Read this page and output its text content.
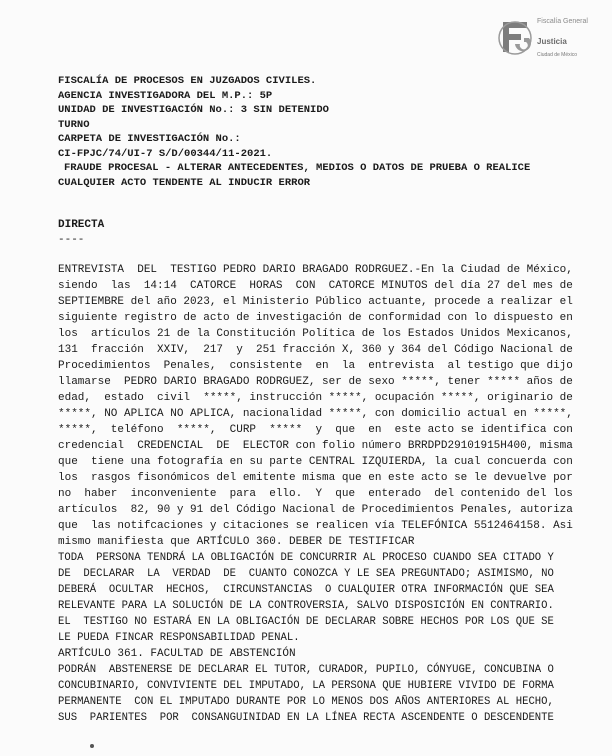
Fiscalía General
Justicia
Ciudad de México
FISCALÍA DE PROCESOS EN JUZGADOS CIVILES.
AGENCIA INVESTIGADORA DEL M.P.: 5P
UNIDAD DE INVESTIGACIÓN No.: 3 SIN DETENIDO
TURNO
CARPETA DE INVESTIGACIÓN No.:
CI-FPJC/74/UI-7 S/D/00344/11-2021.
FRAUDE PROCESAL - ALTERAR ANTECEDENTES, MEDIOS O DATOS DE PRUEBA O REALICE
CUALQUIER ACTO TENDENTE AL INDUCIR ERROR
DIRECTA
----
ENTREVISTA  DEL  TESTIGO PEDRO DARIO BRAGADO RODRGUEZ.-En la Ciudad de México,
siendo  las  14:14  CATORCE  HORAS  CON  CATORCE MINUTOS del día 27 del mes de
SEPTIEMBRE del año 2023, el Ministerio Público actuante, procede a realizar el
siguiente registro de acto de investigación de conformidad con lo dispuesto en
los  artículos 21 de la Constitución Política de los Estados Unidos Mexicanos,
131  fracción  XXIV,  217  y  251 fracción X, 360 y 364 del Código Nacional de
Procedimientos  Penales,  consistente  en  la  entrevista  al testigo que dijo
llamarse  PEDRO DARIO BRAGADO RODRGUEZ, ser de sexo *****, tener ***** años de
edad,  estado  civil  *****, instrucción *****, ocupación *****, originario de
*****, NO APLICA NO APLICA, nacionalidad *****, con domicilio actual en *****,
*****,  teléfono  *****,  CURP  *****  y  que  en  este acto se identifica con
credencial  CREDENCIAL  DE  ELECTOR con folio número BRRDPD29101915H400, misma
que  tiene una fotografía en su parte CENTRAL IZQUIERDA, la cual concuerda con
los  rasgos fisonómicos del emitente misma que en este acto se le devuelve por
no  haber  inconveniente  para  ello.  Y  que  enterado  del contenido del los
artículos  82, 90 y 91 del Código Nacional de Procedimientos Penales, autoriza
que  las notifcaciones y citaciones se realicen vía TELEFÓNICA 5512464158. Asi
mismo manifiesta que ARTÍCULO 360. DEBER DE TESTIFICAR
TODA  PERSONA TENDRÁ LA OBLIGACIÓN DE CONCURRIR AL PROCESO CUANDO SEA CITADO Y
DE  DECLARAR  LA  VERDAD  DE  CUANTO CONOZCA Y LE SEA PREGUNTADO; ASIMISMO, NO
DEBERÁ  OCULTAR  HECHOS,  CIRCUNSTANCIAS  O CUALQUIER OTRA INFORMACIÓN QUE SEA
RELEVANTE PARA LA SOLUCIÓN DE LA CONTROVERSIA, SALVO DISPOSICIÓN EN CONTRARIO.
EL  TESTIGO NO ESTARÁ EN LA OBLIGACIÓN DE DECLARAR SOBRE HECHOS POR LOS QUE SE
LE PUEDA FINCAR RESPONSABILIDAD PENAL.
ARTÍCULO 361. FACULTAD DE ABSTENCIÓN
PODRÁN  ABSTENERSE DE DECLARAR EL TUTOR, CURADOR, PUPILO, CÓNYUGE, CONCUBINA O
CONCUBINARIO, CONVIVIENTE DEL IMPUTADO, LA PERSONA QUE HUBIERE VIVIDO DE FORMA
PERMANENTE  CON EL IMPUTADO DURANTE POR LO MENOS DOS AÑOS ANTERIORES AL HECHO,
SUS  PARIENTES  POR  CONSANGUINIDAD EN LA LÍNEA RECTA ASCENDENTE O DESCENDENTE
